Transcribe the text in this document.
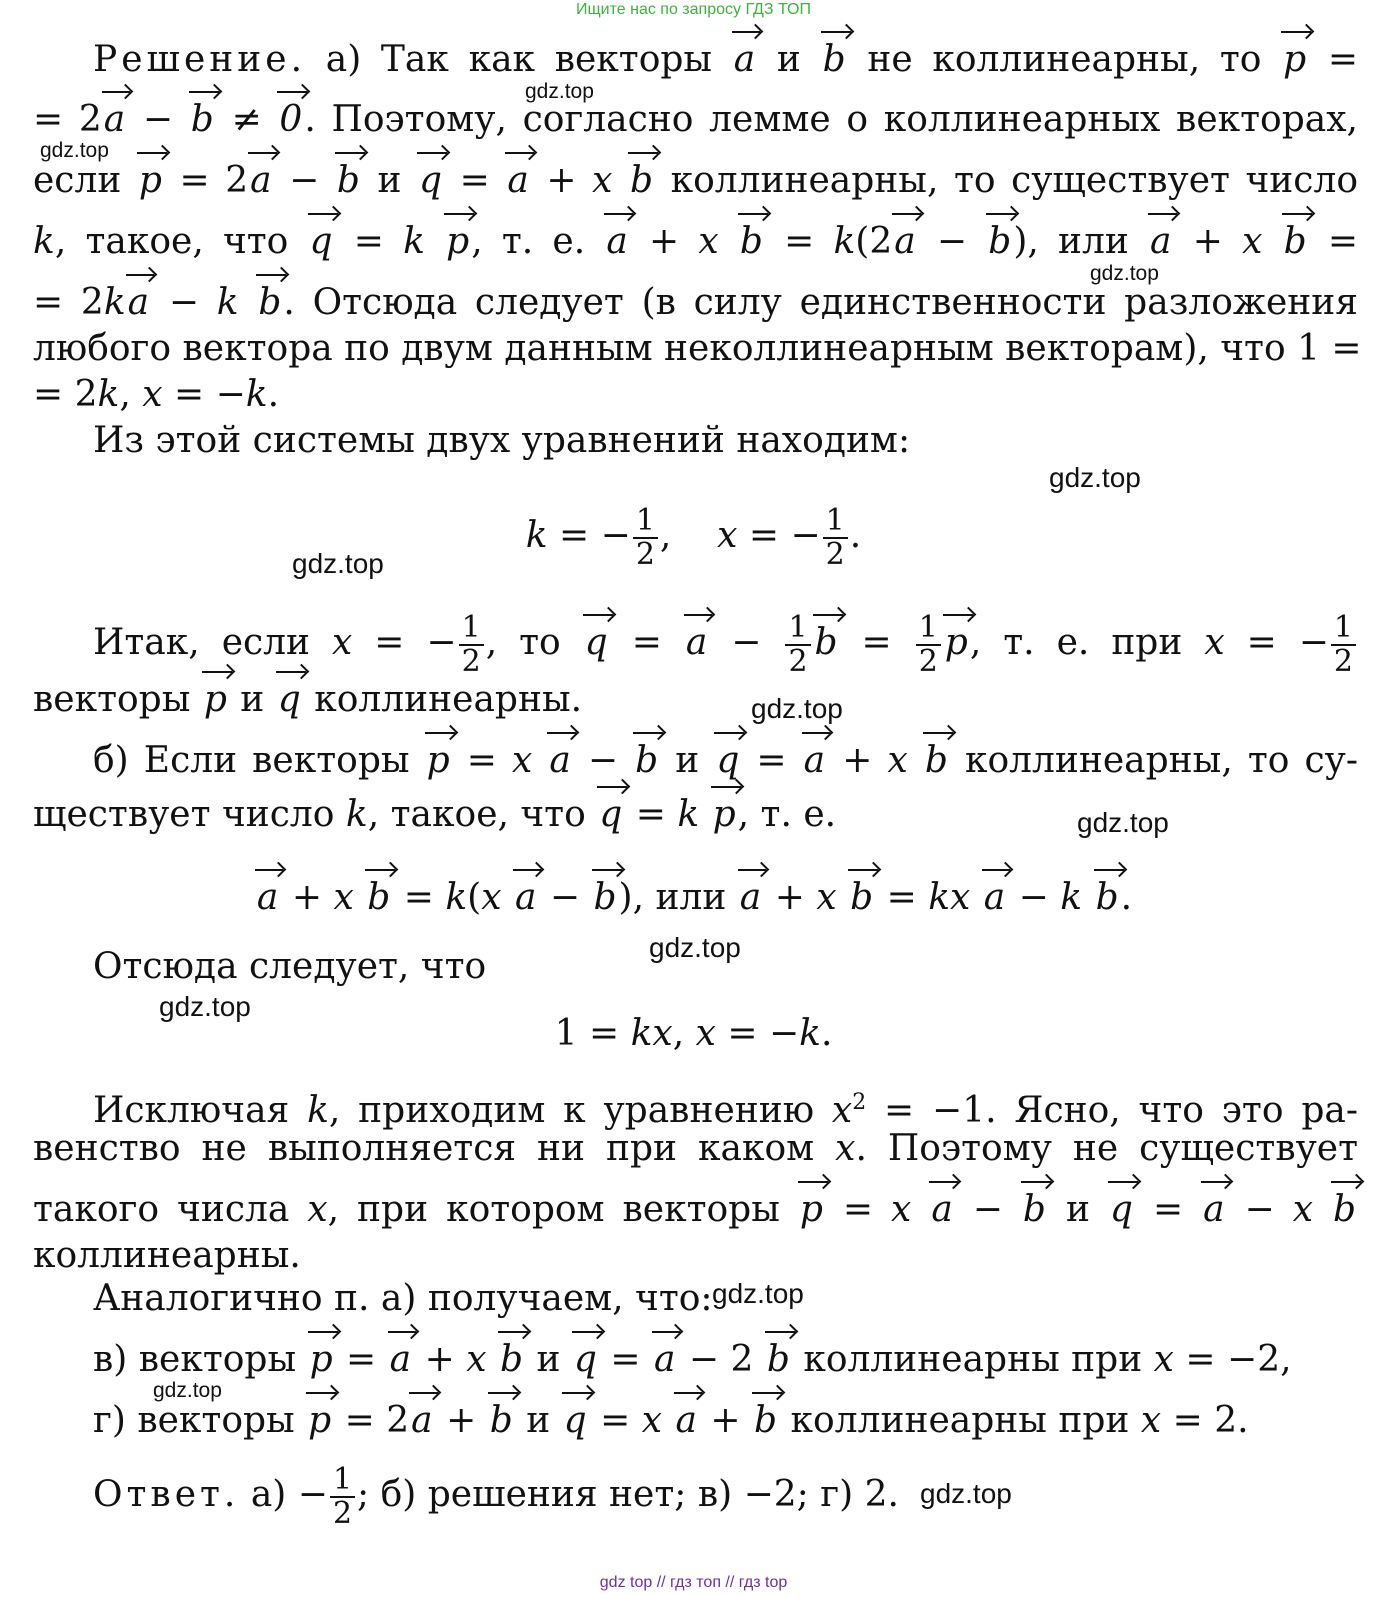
Ищите нас по запросу ГДЗ ТОП
Решение. а) Так как векторы a и b не коллинеарны, то p =
= 2a − b ≠ 0. Поэтому, согласно лемме о коллинеарных векторах,
если p = 2a − b и q = a + x b коллинеарны, то существует число
k, такое, что q = k p, т. е. a + x b = k(2a − b), или a + x b =
= 2ka − k b. Отсюда следует (в силу единственности разложения
любого вектора по двум данным неколлинеарным векторам), что 1 =
= 2k, x = −k.
Из этой системы двух уравнений находим:
k = − $\frac{1}{2}$ ,    x = − $\frac{1}{2}$ .
Итак, если x = − $\frac{1}{2}$ , то $q = a - \frac{1}{2}$ $b = \frac{1}{2} p$, т. е. при x = − $\frac{1}{2}$
векторы p и q коллинеарны.
б) Если векторы p = x a − b и q = a + x b коллинеарны, то су-
ществует число k, такое, что q = k p, т. е.
a + x b = k(x a − b), или a + x b = kx a − k b.
Отсюда следует, что
1 = kx, x = −k.
Исключая k, приходим к уравнению $x^2 = -1$. Ясно, что это ра-
венство не выполняется ни при каком x. Поэтому не существует
такого числа x, при котором векторы p = x a − b и q = a − x b
коллинеарны.
Аналогично п. а) получаем, что:
в) векторы p = a + x b и q = a − 2 b коллинеарны при x = −2,
г) векторы p = 2a + b и q = x a + b коллинеарны при x = 2.
Ответ. $а) - \frac{1}{2}$ ; б) решения нет; в) −2; г) 2.
gdz.top
gdz.top
gdz.top
gdz.top
gdz.top
gdz.top
gdz.top
gdz.top
gdz.top
gdz.top
gdz.top
gdz.top
gdz top // гдз топ // гдз top
